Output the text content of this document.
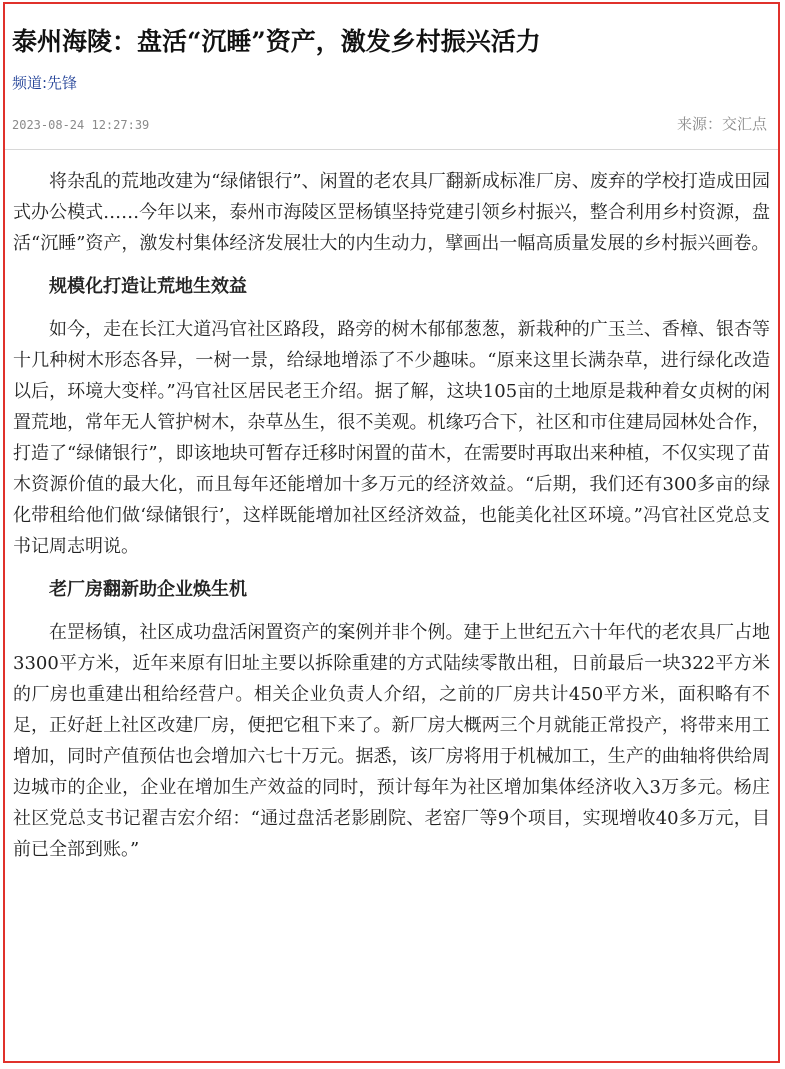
泰州海陵：盘活“沉睡”资产，激发乡村振兴活力
频道:先锋
2023-08-24 12:27:39	来源：交汇点

将杂乱的荒地改建为“绿储银行”、闲置的老农具厂翻新成标准厂房、废弃的学校打造成田园式办公模式……今年以来，泰州市海陵区罡杨镇坚持党建引领乡村振兴，整合利用乡村资源，盘活“沉睡”资产，激发村集体经济发展壮大的内生动力，擘画出一幅高质量发展的乡村振兴画卷。

规模化打造让荒地生效益

如今，走在长江大道冯官社区路段，路旁的树木郁郁葱葱，新栽种的广玉兰、香樟、银杏等十几种树木形态各异，一树一景，给绿地增添了不少趣味。“原来这里长满杂草，进行绿化改造以后，环境大变样。”冯官社区居民老王介绍。据了解，这块105亩的土地原是栽种着女贞树的闲置荒地，常年无人管护树木，杂草丛生，很不美观。机缘巧合下，社区和市住建局园林处合作，打造了“绿储银行”，即该地块可暂存迁移时闲置的苗木，在需要时再取出来种植，不仅实现了苗木资源价值的最大化，而且每年还能增加十多万元的经济效益。“后期，我们还有300多亩的绿化带租给他们做‘绿储银行’，这样既能增加社区经济效益，也能美化社区环境。”冯官社区党总支书记周志明说。

老厂房翻新助企业焕生机

在罡杨镇，社区成功盘活闲置资产的案例并非个例。建于上世纪五六十年代的老农具厂占地3300平方米，近年来原有旧址主要以拆除重建的方式陆续零散出租，日前最后一块322平方米的厂房也重建出租给经营户。相关企业负责人介绍，之前的厂房共计450平方米，面积略有不足，正好赶上社区改建厂房，便把它租下来了。新厂房大概两三个月就能正常投产，将带来用工增加，同时产值预估也会增加六七十万元。据悉，该厂房将用于机械加工，生产的曲轴将供给周边城市的企业，企业在增加生产效益的同时，预计每年为社区增加集体经济收入3万多元。杨庄社区党总支书记翟吉宏介绍：“通过盘活老影剧院、老窑厂等9个项目，实现增收40多万元，目前已全部到账。”
